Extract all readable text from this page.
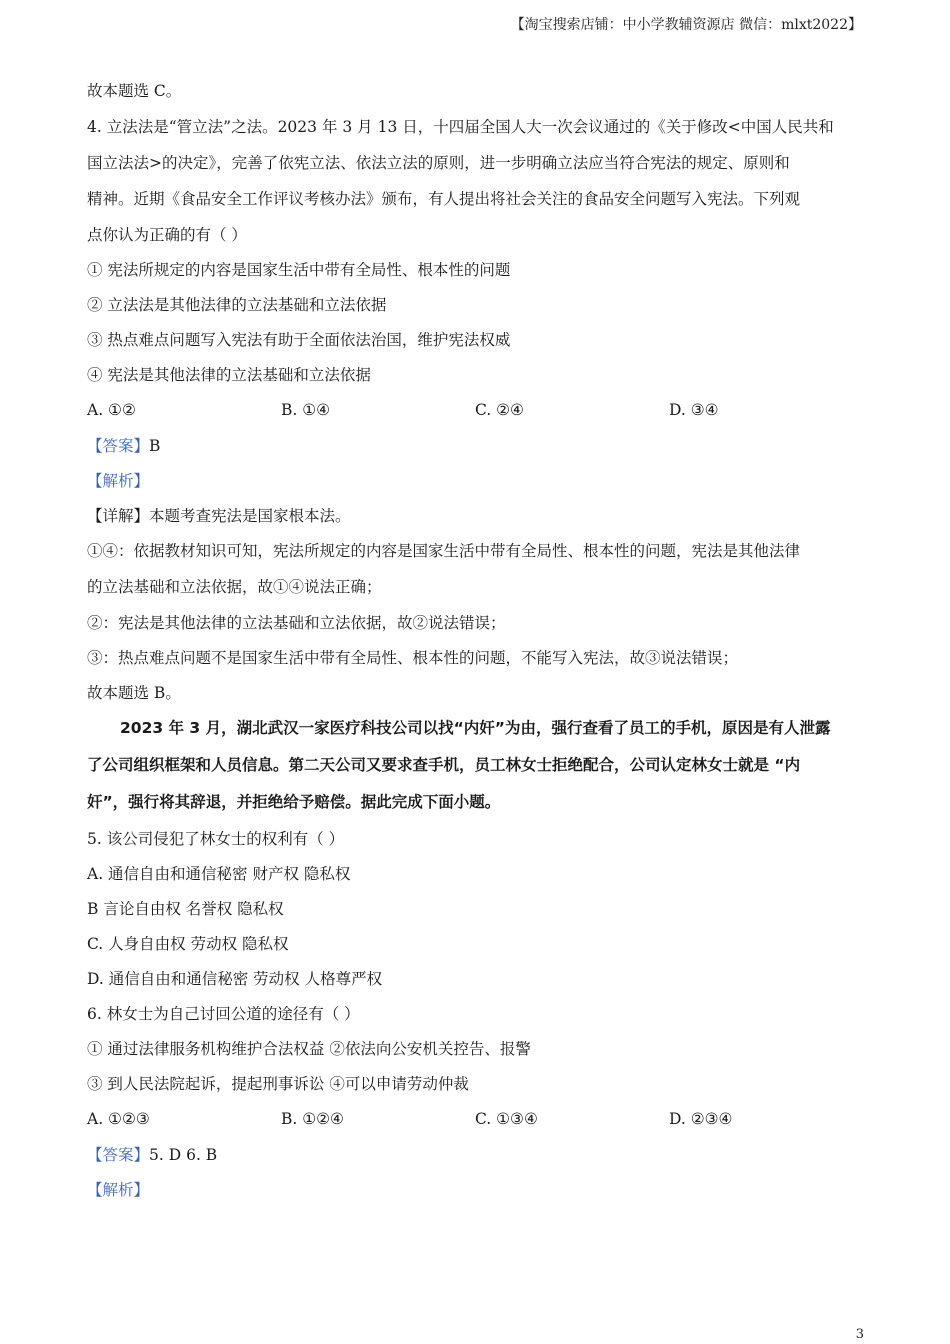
【淘宝搜索店铺：中小学教辅资源店 微信：mlxt2022】
故本题选 C。
4. 立法法是“管立法”之法。2023 年 3 月 13 日，十四届全国人大一次会议通过的《关于修改<中国人民共和
国立法法>的决定》，完善了依宪立法、依法立法的原则，进一步明确立法应当符合宪法的规定、原则和
精神。近期《食品安全工作评议考核办法》颁布，有人提出将社会关注的食品安全问题写入宪法。下列观
点你认为正确的有（ ）
① 宪法所规定的内容是国家生活中带有全局性、根本性的问题
② 立法法是其他法律的立法基础和立法依据
③ 热点难点问题写入宪法有助于全面依法治国，维护宪法权威
④ 宪法是其他法律的立法基础和立法依据
A. ①②	B. ①④	C. ②④	D. ③④
【答案】B
【解析】
【详解】本题考查宪法是国家根本法。
①④：依据教材知识可知，宪法所规定的内容是国家生活中带有全局性、根本性的问题，宪法是其他法律
的立法基础和立法依据，故①④说法正确；
②：宪法是其他法律的立法基础和立法依据，故②说法错误；
③：热点难点问题不是国家生活中带有全局性、根本性的问题，不能写入宪法，故③说法错误；
故本题选 B。
2023 年 3 月，湖北武汉一家医疗科技公司以找“内奸”为由，强行查看了员工的手机，原因是有人泄露
了公司组织框架和人员信息。第二天公司又要求查手机，员工林女士拒绝配合，公司认定林女士就是 “内
奸”，强行将其辞退，并拒绝给予赔偿。据此完成下面小题。
5. 该公司侵犯了林女士的权利有（ ）
A. 通信自由和通信秘密 财产权 隐私权
B 言论自由权 名誉权 隐私权
C. 人身自由权 劳动权 隐私权
D. 通信自由和通信秘密 劳动权 人格尊严权
6. 林女士为自己讨回公道的途径有（ ）
① 通过法律服务机构维护合法权益 ②依法向公安机关控告、报警
③ 到人民法院起诉，提起刑事诉讼 ④可以申请劳动仲裁
A. ①②③	B. ①②④	C. ①③④	D. ②③④
【答案】5. D 6. B
【解析】
3
